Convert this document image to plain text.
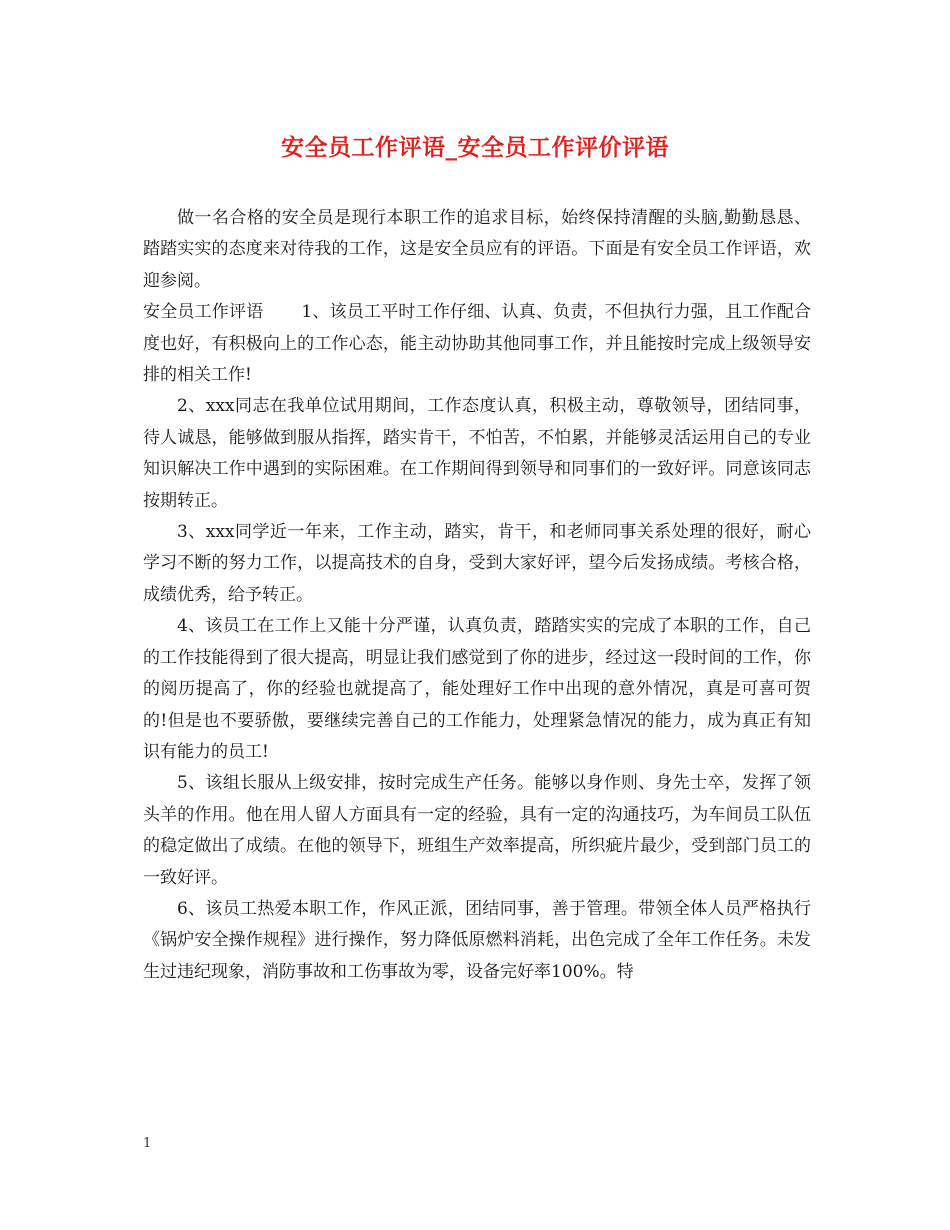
安全员工作评语_安全员工作评价评语

做一名合格的安全员是现行本职工作的追求目标，始终保持清醒的头脑,勤勤恳恳、踏踏实实的态度来对待我的工作，这是安全员应有的评语。下面是有安全员工作评语，欢迎参阅。

安全员工作评语 1、该员工平时工作仔细、认真、负责，不但执行力强，且工作配合度也好，有积极向上的工作心态，能主动协助其他同事工作，并且能按时完成上级领导安排的相关工作!

2、xxx同志在我单位试用期间，工作态度认真，积极主动，尊敬领导，团结同事，待人诚恳，能够做到服从指挥，踏实肯干，不怕苦，不怕累，并能够灵活运用自己的专业知识解决工作中遇到的实际困难。在工作期间得到领导和同事们的一致好评。同意该同志按期转正。

3、xxx同学近一年来，工作主动，踏实，肯干，和老师同事关系处理的很好，耐心学习不断的努力工作，以提高技术的自身，受到大家好评，望今后发扬成绩。考核合格，成绩优秀，给予转正。

4、该员工在工作上又能十分严谨，认真负责，踏踏实实的完成了本职的工作，自己的工作技能得到了很大提高，明显让我们感觉到了你的进步，经过这一段时间的工作，你的阅历提高了，你的经验也就提高了，能处理好工作中出现的意外情况，真是可喜可贺的!但是也不要骄傲，要继续完善自己的工作能力，处理紧急情况的能力，成为真正有知识有能力的员工!

5、该组长服从上级安排，按时完成生产任务。能够以身作则、身先士卒，发挥了领头羊的作用。他在用人留人方面具有一定的经验，具有一定的沟通技巧，为车间员工队伍的稳定做出了成绩。在他的领导下，班组生产效率提高，所织疵片最少，受到部门员工的一致好评。

6、该员工热爱本职工作，作风正派，团结同事，善于管理。带领全体人员严格执行《锅炉安全操作规程》进行操作，努力降低原燃料消耗，出色完成了全年工作任务。未发生过违纪现象，消防事故和工伤事故为零，设备完好率100%。特

1
